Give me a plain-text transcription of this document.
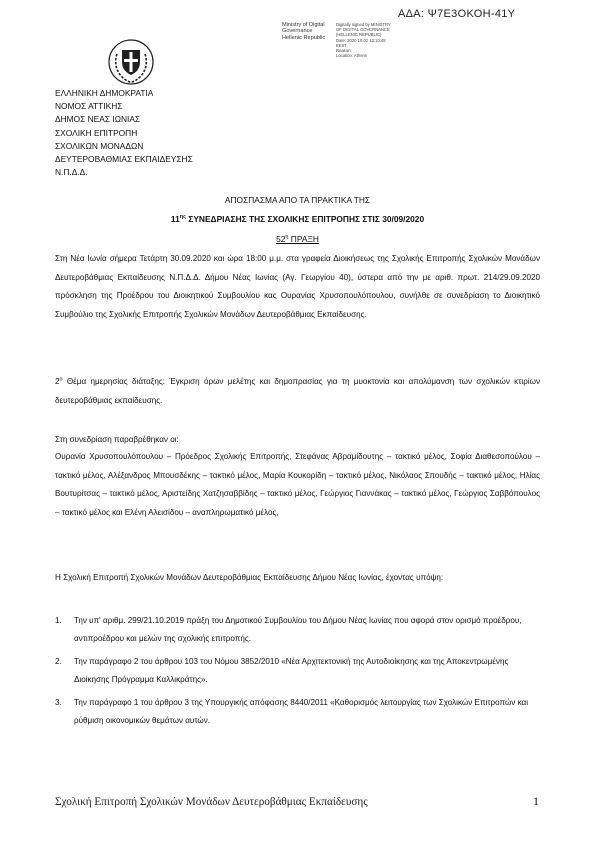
ΑΔΑ: Ψ7Ε3ΟΚΟΗ-41Υ
Ministry of Digital
Governance
Hellenic Republic
Digitally signed by MINISTRY
OF DIGITAL GOVERNANCE
(HELLENIC REPUBLIC)
Date: 2020.10.02 13:10:48
EEST
Reason:
Location: Athens
ΕΛΛΗΝΙΚΗ ΔΗΜΟΚΡΑΤΙΑ
ΝΟΜΟΣ ΑΤΤΙΚΗΣ
ΔΗΜΟΣ ΝΕΑΣ ΙΩΝΙΑΣ
ΣΧΟΛΙΚΗ ΕΠΙΤΡΟΠΗ
ΣΧΟΛΙΚΩΝ ΜΟΝΑΔΩΝ
ΔΕΥΤΕΡΟΒΑΘΜΙΑΣ ΕΚΠΑΙΔΕΥΣΗΣ
Ν.Π.Δ.Δ.
ΑΠΟΣΠΑΣΜΑ ΑΠΟ ΤΑ ΠΡΑΚΤΙΚΑ ΤΗΣ
$11^{\eta\varsigma}$ ΣΥΝΕΔΡΙΑΣΗΣ ΤΗΣ ΣΧΟΛΙΚΗΣ ΕΠΙΤΡΟΠΗΣ ΣΤΙΣ 30/09/2020
$52^\eta$ ΠΡΑΞΗ

Στη Νέα Ιωνία σήμερα Τετάρτη 30.09.2020 και ώρα 18:00 μ.μ. στα γραφεία Διοικήσεως της Σχολικής Επιτροπής Σχολικών Μονάδων Δευτεροβάθμιας Εκπαίδευσης Ν.Π.Δ.Δ. Δήμου Νέας Ιωνίας (Αγ. Γεωργίου 40), ύστερα από την με αριθ. πρωτ. 214/29.09.2020 πρόσκληση της Προέδρου του Διοικητικού Συμβουλίου κας Ουρανίας Χρυσοπουλόπουλου, συνήλθε σε συνεδρίαση το Διοικητικό Συμβούλιο της Σχολικής Επιτροπής Σχολικών Μονάδων Δευτεροβάθμιας Εκπαίδευσης.

$2^o$ Θέμα ημερησίας διάταξης: Έγκριση όρων μελέτης και δημοπρασίας για τη μυοκτονία και απολύμανση των σχολικών κτιρίων δευτεροβάθμιας εκπαίδευσης.

Στη συνεδρίαση παραβρέθηκαν οι:

Ουρανία Χρυσοπουλόπουλου – Πρόεδρος Σχολικής Επιτροπής, Στεφάνας Αβραμίδουτης – τακτικό μέλος, Σοφία Διαθεσοπούλου – τακτικό μέλος, Αλέξανδρος Μπουσδέκης – τακτικό μέλος, Μαρία Κουκορίδη – τακτικό μέλος, Νικόλαος Σπουδής – τακτικό μέλος, Ηλίας Βουτυρίτσας – τακτικό μέλος, Αριστείδης Χατζησαββίδης – τακτικό μέλος, Γεώργιος Γιαννάκας – τακτικό μέλος, Γεώργιος Σαββόπουλος – τακτικό μέλος και Ελένη Αλεισίδου – αναπληρωματικό μέλος,

Η Σχολική Επιτροπή Σχολικών Μονάδων Δευτεροβάθμιας Εκπαίδευσης Δήμου Νέας Ιωνίας, έχοντας υπόψη:

1. Την υπ' αριθμ. 299/21.10.2019 πράξη του Δημοτικού Συμβουλίου του Δήμου Νέας Ιωνίας που αφορά στον ορισμό προέδρου, αντιπροέδρου και μελών της σχολικής επιτροπής.
2. Την παράγραφο 2 του άρθρου 103 του Νόμου 3852/2010 «Νέα Αρχιτεκτονική της Αυτοδιοίκησης και της Αποκεντρωμένης Διοίκησης Πρόγραμμα Καλλικράτης».
3. Την παράγραφο 1 του άρθρου 3 της Υπουργικής απόφασης 8440/2011 «Καθορισμός λειτουργίας των Σχολικών Επιτροπών και ρύθμιση οικονομικών θεμάτων αυτών.
Σχολική Επιτροπή Σχολικών Μονάδων Δευτεροβάθμιας Εκπαίδευσης	1
